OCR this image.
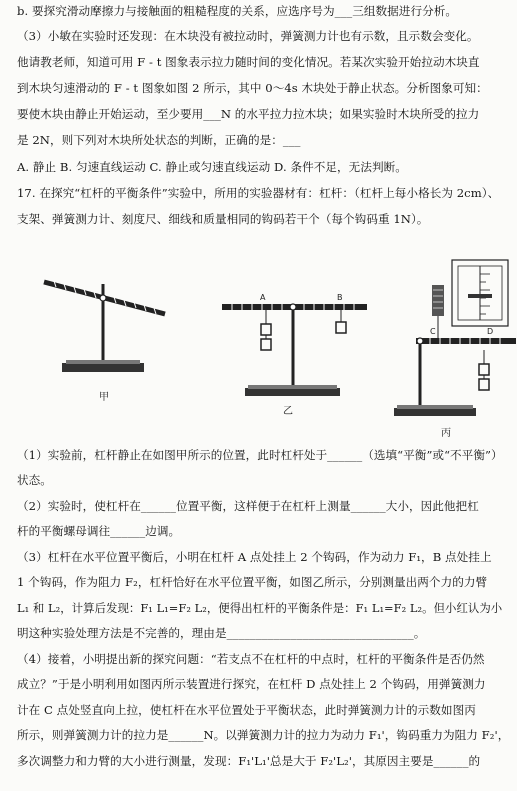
b. 要探究滑动摩擦力与接触面的粗糙程度的关系，应选序号为___三组数据进行分析。
（3）小敏在实验时还发现：在木块没有被拉动时，弹簧测力计也有示数，且示数会变化。
他请教老师，知道可用 F - t 图象表示拉力随时间的变化情况。若某次实验开始拉动木块直
到木块匀速滑动的 F - t 图象如图 2 所示，其中 0～4s 木块处于静止状态。分析图象可知：
要使木块由静止开始运动，至少要用___N 的水平拉力拉木块；如果实验时木块所受的拉力
是 2N，则下列对木块所处状态的判断，正确的是：___
A. 静止 B. 匀速直线运动 C. 静止或匀速直线运动 D. 条件不足，无法判断。
17. 在探究“杠杆的平衡条件”实验中，所用的实验器材有：杠杆：（杠杆上每小格长为 2cm）、
支架、弹簧测力计、刻度尺、细线和质量相同的钩码若干个（每个钩码重 1N）。
甲
A	B
乙
C	D
丙
（1）实验前，杠杆静止在如图甲所示的位置，此时杠杆处于______（选填“平衡”或“不平衡”）
状态。
（2）实验时，使杠杆在______位置平衡，这样便于在杠杆上测量______大小，因此他把杠
杆的平衡螺母调往______边调。
（3）杠杆在水平位置平衡后，小明在杠杆 A 点处挂上 2 个钩码，作为动力 F₁，B 点处挂上
1 个钩码，作为阻力 F₂，杠杆恰好在水平位置平衡，如图乙所示，分别测量出两个力的力臂
L₁ 和 L₂，计算后发现：F₁ L₁=F₂ L₂，便得出杠杆的平衡条件是：F₁ L₁=F₂ L₂。但小红认为小
明这种实验处理方法是不完善的，理由是________________________________。
（4）接着，小明提出新的探究问题：“若支点不在杠杆的中点时，杠杆的平衡条件是否仍然
成立？”于是小明利用如图丙所示装置进行探究，在杠杆 D 点处挂上 2 个钩码，用弹簧测力
计在 C 点处竖直向上拉，使杠杆在水平位置处于平衡状态，此时弹簧测力计的示数如图丙
所示，则弹簧测力计的拉力是______N。以弹簧测力计的拉力为动力 F₁'，钩码重力为阻力 F₂'，
多次调整力和力臂的大小进行测量，发现：F₁'L₁'总是大于 F₂'L₂'，其原因主要是______的
